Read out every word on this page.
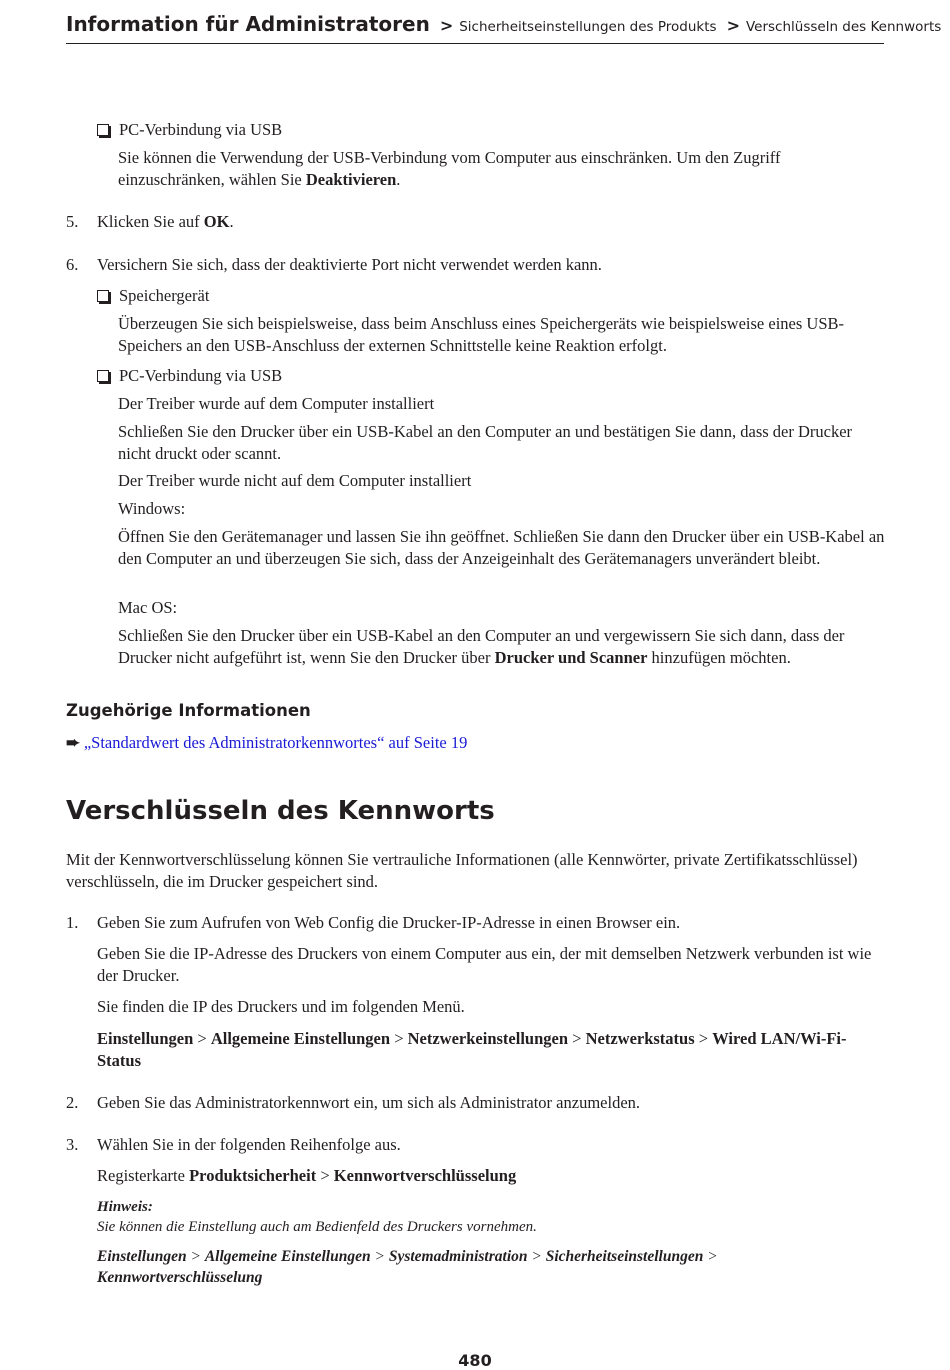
Information für Administratoren > Sicherheitseinstellungen des Produkts > Verschlüsseln des Kennworts
PC-Verbindung via USB
Sie können die Verwendung der USB-Verbindung vom Computer aus einschränken. Um den Zugriff einzuschränken, wählen Sie Deaktivieren.
5.	Klicken Sie auf OK.
6.	Versichern Sie sich, dass der deaktivierte Port nicht verwendet werden kann.
Speichergerät
Überzeugen Sie sich beispielsweise, dass beim Anschluss eines Speichergeräts wie beispielsweise eines USB-Speichers an den USB-Anschluss der externen Schnittstelle keine Reaktion erfolgt.
PC-Verbindung via USB
Der Treiber wurde auf dem Computer installiert
Schließen Sie den Drucker über ein USB-Kabel an den Computer an und bestätigen Sie dann, dass der Drucker nicht druckt oder scannt.
Der Treiber wurde nicht auf dem Computer installiert
Windows:
Öffnen Sie den Gerätemanager und lassen Sie ihn geöffnet. Schließen Sie dann den Drucker über ein USB-Kabel an den Computer an und überzeugen Sie sich, dass der Anzeigeinhalt des Gerätemanagers unverändert bleibt.
Mac OS:
Schließen Sie den Drucker über ein USB-Kabel an den Computer an und vergewissern Sie sich dann, dass der Drucker nicht aufgeführt ist, wenn Sie den Drucker über Drucker und Scanner hinzufügen möchten.
Zugehörige Informationen
➨ „Standardwert des Administratorkennwortes“ auf Seite 19
Verschlüsseln des Kennworts
Mit der Kennwortverschlüsselung können Sie vertrauliche Informationen (alle Kennwörter, private Zertifikatsschlüssel) verschlüsseln, die im Drucker gespeichert sind.
1.	Geben Sie zum Aufrufen von Web Config die Drucker-IP-Adresse in einen Browser ein.
Geben Sie die IP-Adresse des Druckers von einem Computer aus ein, der mit demselben Netzwerk verbunden ist wie der Drucker.
Sie finden die IP des Druckers und im folgenden Menü.
Einstellungen > Allgemeine Einstellungen > Netzwerkeinstellungen > Netzwerkstatus > Wired LAN/Wi-Fi-Status
2.	Geben Sie das Administratorkennwort ein, um sich als Administrator anzumelden.
3.	Wählen Sie in der folgenden Reihenfolge aus.
Registerkarte Produktsicherheit > Kennwortverschlüsselung
Hinweis:
Sie können die Einstellung auch am Bedienfeld des Druckers vornehmen.
Einstellungen > Allgemeine Einstellungen > Systemadministration > Sicherheitseinstellungen > Kennwortverschlüsselung
480
